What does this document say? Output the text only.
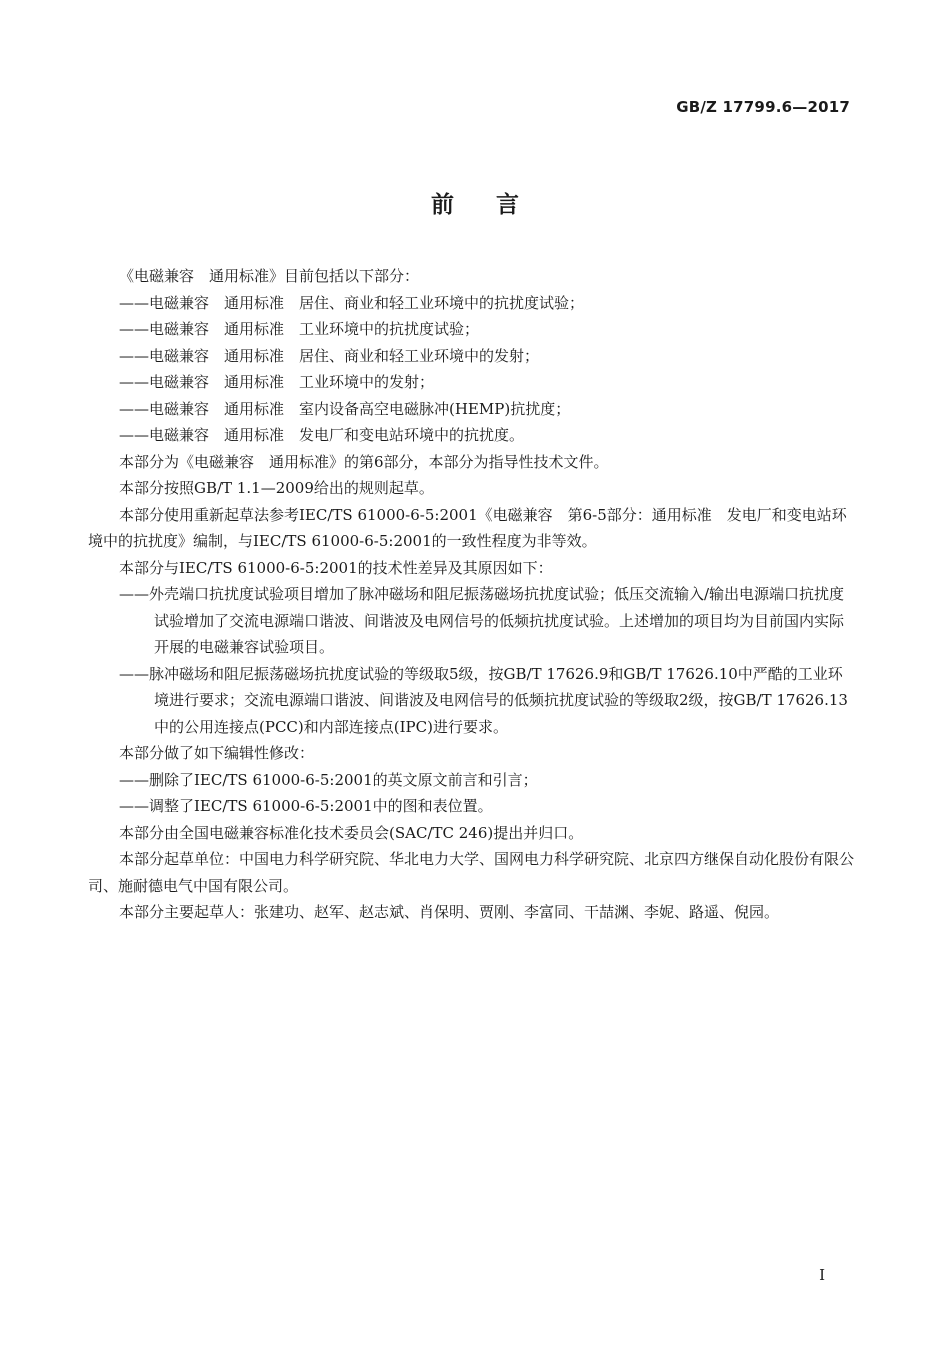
GB/Z 17799.6—2017
前言

《电磁兼容　通用标准》目前包括以下部分：

——电磁兼容　通用标准　居住、商业和轻工业环境中的抗扰度试验；

——电磁兼容　通用标准　工业环境中的抗扰度试验；

——电磁兼容　通用标准　居住、商业和轻工业环境中的发射；

——电磁兼容　通用标准　工业环境中的发射；

——电磁兼容　通用标准　室内设备高空电磁脉冲(HEMP)抗扰度；

——电磁兼容　通用标准　发电厂和变电站环境中的抗扰度。

本部分为《电磁兼容　通用标准》的第6部分，本部分为指导性技术文件。

本部分按照GB/T 1.1—2009给出的规则起草。

本部分使用重新起草法参考IEC/TS 61000-6-5:2001《电磁兼容　第6-5部分：通用标准　发电厂和变电站环境中的抗扰度》编制，与IEC/TS 61000-6-5:2001的一致性程度为非等效。

本部分与IEC/TS 61000-6-5:2001的技术性差异及其原因如下：

——外壳端口抗扰度试验项目增加了脉冲磁场和阻尼振荡磁场抗扰度试验；低压交流输入/输出电源端口抗扰度试验增加了交流电源端口谐波、间谐波及电网信号的低频抗扰度试验。上述增加的项目均为目前国内实际开展的电磁兼容试验项目。

——脉冲磁场和阻尼振荡磁场抗扰度试验的等级取5级，按GB/T 17626.9和GB/T 17626.10中严酷的工业环境进行要求；交流电源端口谐波、间谐波及电网信号的低频抗扰度试验的等级取2级，按GB/T 17626.13中的公用连接点(PCC)和内部连接点(IPC)进行要求。

本部分做了如下编辑性修改：

——删除了IEC/TS 61000-6-5:2001的英文原文前言和引言；

——调整了IEC/TS 61000-6-5:2001中的图和表位置。

本部分由全国电磁兼容标准化技术委员会(SAC/TC 246)提出并归口。

本部分起草单位：中国电力科学研究院、华北电力大学、国网电力科学研究院、北京四方继保自动化股份有限公司、施耐德电气中国有限公司。

本部分主要起草人：张建功、赵军、赵志斌、肖保明、贾刚、李富同、干喆渊、李妮、路遥、倪园。

I
